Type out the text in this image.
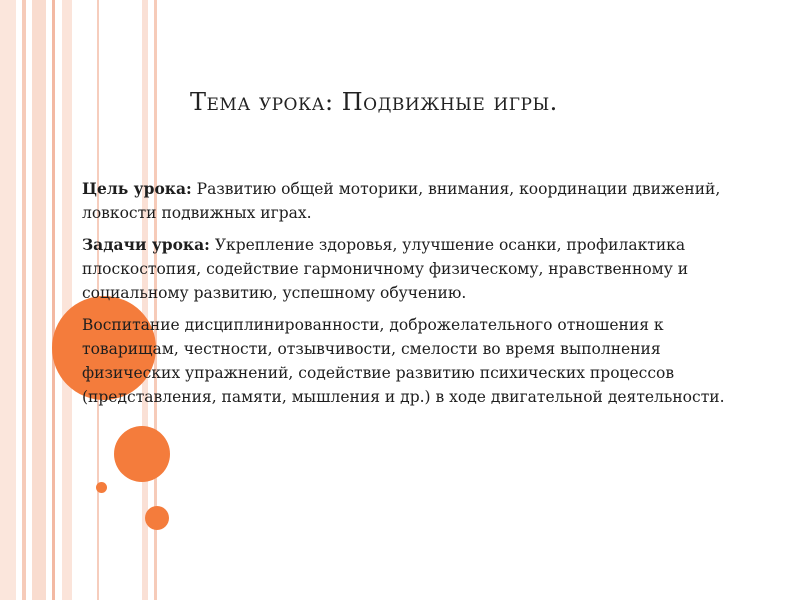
Тема урока: Подвижные игры.

Цель урока: Развитию общей моторики, внимания, координации движений, ловкости подвижных играх.

Задачи урока: Укрепление здоровья, улучшение осанки, профилактика плоскостопия, содействие гармоничному физическому, нравственному и социальному развитию, успешному обучению.

Воспитание дисциплинированности, доброжелательного отношения к товарищам, честности, отзывчивости, смелости во время выполнения физических упражнений, содействие развитию психических процессов (представления, памяти, мышления и др.) в ходе двигательной деятельности.
